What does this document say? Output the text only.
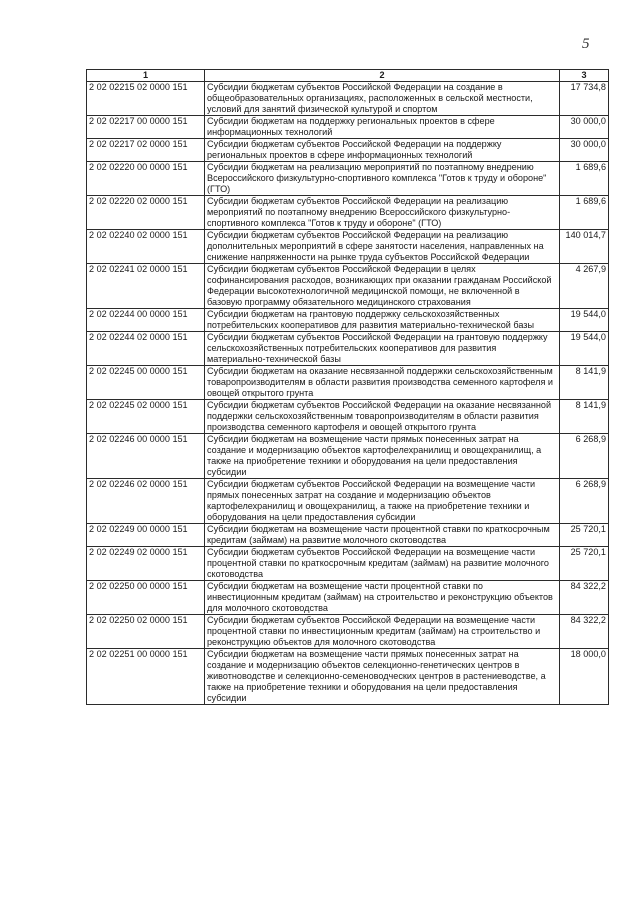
5
1	2	3
2 02 02215 02 0000 151	Субсидии бюджетам субъектов Российской Федерации на создание в общеобразовательных организациях, расположенных в сельской местности, условий для занятий физической культурой и спортом	17 734,8
2 02 02217 00 0000 151	Субсидии бюджетам на поддержку региональных проектов в сфере информационных технологий	30 000,0
2 02 02217 02 0000 151	Субсидии бюджетам субъектов Российской Федерации на поддержку региональных проектов в сфере информационных технологий	30 000,0
2 02 02220 00 0000 151	Субсидии бюджетам на реализацию мероприятий по поэтапному внедрению Всероссийского физкультурно-спортивного комплекса "Готов к труду и обороне" (ГТО)	1 689,6
2 02 02220 02 0000 151	Субсидии бюджетам субъектов Российской Федерации на реализацию мероприятий по поэтапному внедрению Всероссийского физкультурно-спортивного комплекса "Готов к труду и обороне" (ГТО)	1 689,6
2 02 02240 02 0000 151	Субсидии бюджетам субъектов Российской Федерации на реализацию дополнительных мероприятий в сфере занятости населения, направленных на снижение напряженности на рынке труда субъектов Российской Федерации	140 014,7
2 02 02241 02 0000 151	Субсидии бюджетам субъектов Российской Федерации в целях софинансирования расходов, возникающих при оказании гражданам Российской Федерации высокотехнологичной медицинской помощи, не включенной в базовую программу обязательного медицинского страхования	4 267,9
2 02 02244 00 0000 151	Субсидии бюджетам на грантовую поддержку сельскохозяйственных потребительских кооперативов для развития материально-технической базы	19 544,0
2 02 02244 02 0000 151	Субсидии бюджетам субъектов Российской Федерации на грантовую поддержку сельскохозяйственных потребительских кооперативов для развития материально-технической базы	19 544,0
2 02 02245 00 0000 151	Субсидии бюджетам на оказание несвязанной поддержки сельскохозяйственным товаропроизводителям в области развития производства семенного картофеля и овощей открытого грунта	8 141,9
2 02 02245 02 0000 151	Субсидии бюджетам субъектов Российской Федерации на оказание несвязанной поддержки сельскохозяйственным товаропроизводителям в области развития производства семенного картофеля и овощей открытого грунта	8 141,9
2 02 02246 00 0000 151	Субсидии бюджетам на возмещение части прямых понесенных затрат на создание и модернизацию объектов картофелехранилищ и овощехранилищ, а также на приобретение техники и оборудования на цели предоставления субсидии	6 268,9
2 02 02246 02 0000 151	Субсидии бюджетам субъектов Российской Федерации на возмещение части прямых понесенных затрат на создание и модернизацию объектов картофелехранилищ и овощехранилищ, а также на приобретение техники и оборудования на цели предоставления субсидии	6 268,9
2 02 02249 00 0000 151	Субсидии бюджетам на возмещение части процентной ставки по краткосрочным кредитам (займам) на развитие молочного скотоводства	25 720,1
2 02 02249 02 0000 151	Субсидии бюджетам субъектов Российской Федерации на возмещение части процентной ставки по краткосрочным кредитам (займам) на развитие молочного скотоводства	25 720,1
2 02 02250 00 0000 151	Субсидии бюджетам на возмещение части процентной ставки по инвестиционным кредитам (займам) на строительство и реконструкцию объектов для молочного скотоводства	84 322,2
2 02 02250 02 0000 151	Субсидии бюджетам субъектов Российской Федерации на возмещение части процентной ставки по инвестиционным кредитам (займам) на строительство и реконструкцию объектов для молочного скотоводства	84 322,2
2 02 02251 00 0000 151	Субсидии бюджетам на возмещение части прямых понесенных затрат на создание и модернизацию объектов селекционно-генетических центров в животноводстве и селекционно-семеноводческих центров в растениеводстве, а также на приобретение техники и оборудования на цели предоставления субсидии	18 000,0
